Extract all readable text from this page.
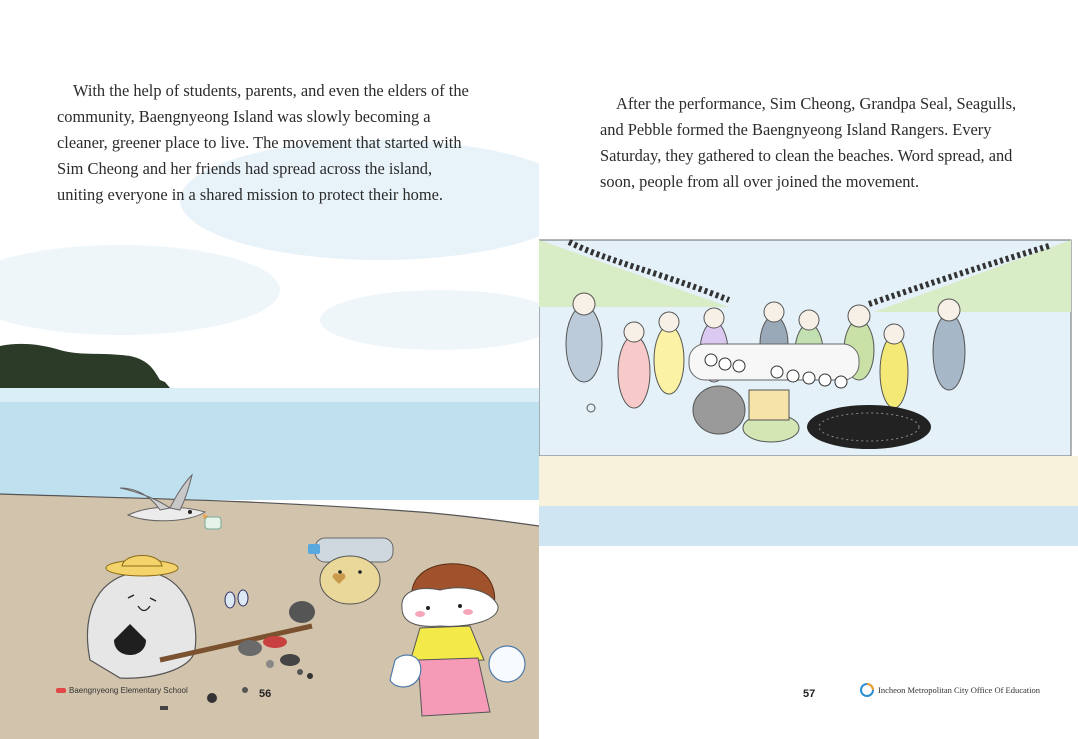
With the help of students, parents, and even the elders of the community, Baengnyeong Island was slowly becoming a cleaner, greener place to live. The movement that started with Sim Cheong and her friends had spread across the island, uniting everyone in a shared mission to protect their home.

Baengnyeong Elementary School	56

After the performance, Sim Cheong, Grandpa Seal, Seagulls, and Pebble formed the Baengnyeong Island Rangers. Every Saturday, they gathered to clean the beaches. Word spread, and soon, people from all over joined the movement.

57	Incheon Metropolitan City Office Of Education
